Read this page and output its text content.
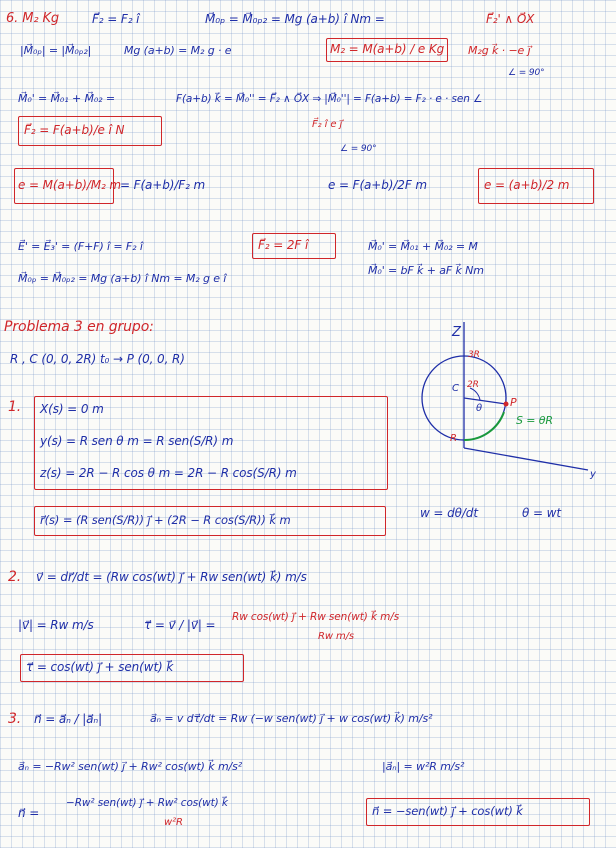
6. M₂ Kg	F⃗₂ = F₂ î	M⃗₀ₚ = M⃗₀ₚ₂ = Mg (a+b) î Nm =	F⃗₂' ∧ O⃗X
|M⃗₀ₚ| = |M⃗₀ₚ₂|	Mg (a+b) = M₂ g · e	M₂ = M(a+b) / e Kg M₂g k⃗ · −e ȷ⃗
∠ = 90°
M⃗₀' = M⃗₀₁ + M⃗₀₂ =	F(a+b) k⃗ = M⃗₀'' = F⃗₂ ∧ O⃗X ⇒ |M⃗₀''| = F(a+b) = F₂ · e · sen ∠
F⃗₂ = F(a+b)/e î N	F⃗₂ î e ȷ⃗
∠ = 90°
e = M(a+b)/M₂ m
= F(a+b)/F₂ m	e = F(a+b)/2F m	e = (a+b)/2 m
E⃗' = E⃗₃' = (F+F) î = F₂ î	F⃗₂ = 2F î	M⃗₀' = M⃗₀₁ + M⃗₀₂ = M
M⃗₀ₚ = M⃗₀ₚ₂ = Mg (a+b) î Nm = M₂ g e î
M⃗₀' = bF k⃗ + aF k⃗ Nm
Problema 3 en grupo:
R , C (0, 0, 2R) t₀ → P (0, 0, R)
Z
3R
C 2R
θ	P
S = θR
R
y
1. X(s) = 0 m
y(s) = R sen θ m = R sen(S/R) m
z(s) = 2R − R cos θ m = 2R − R cos(S/R) m
r⃗(s) = (R sen(S/R)) ȷ⃗ + (2R − R cos(S/R)) k⃗ m	w = dθ/dt	θ = wt
2. v⃗ = dr⃗/dt = (Rw cos(wt) ȷ⃗ + Rw sen(wt) k⃗) m/s
|v⃗| = Rw m/s	τ⃗ = v⃗ / |v⃗| =
Rw cos(wt) ȷ⃗ + Rw sen(wt) k⃗ m/s
Rw m/s
τ⃗ = cos(wt) ȷ⃗ + sen(wt) k⃗
3. n⃗ = a⃗ₙ / |a⃗ₙ|	a⃗ₙ = v dτ⃗/dt = Rw (−w sen(wt) ȷ⃗ + w cos(wt) k⃗) m/s²
a⃗ₙ = −Rw² sen(wt) ȷ⃗ + Rw² cos(wt) k⃗ m/s²	|a⃗ₙ| = w²R m/s²
n⃗ =
−Rw² sen(wt) ȷ⃗ + Rw² cos(wt) k⃗
w²R
n⃗ = −sen(wt) ȷ⃗ + cos(wt) k⃗
